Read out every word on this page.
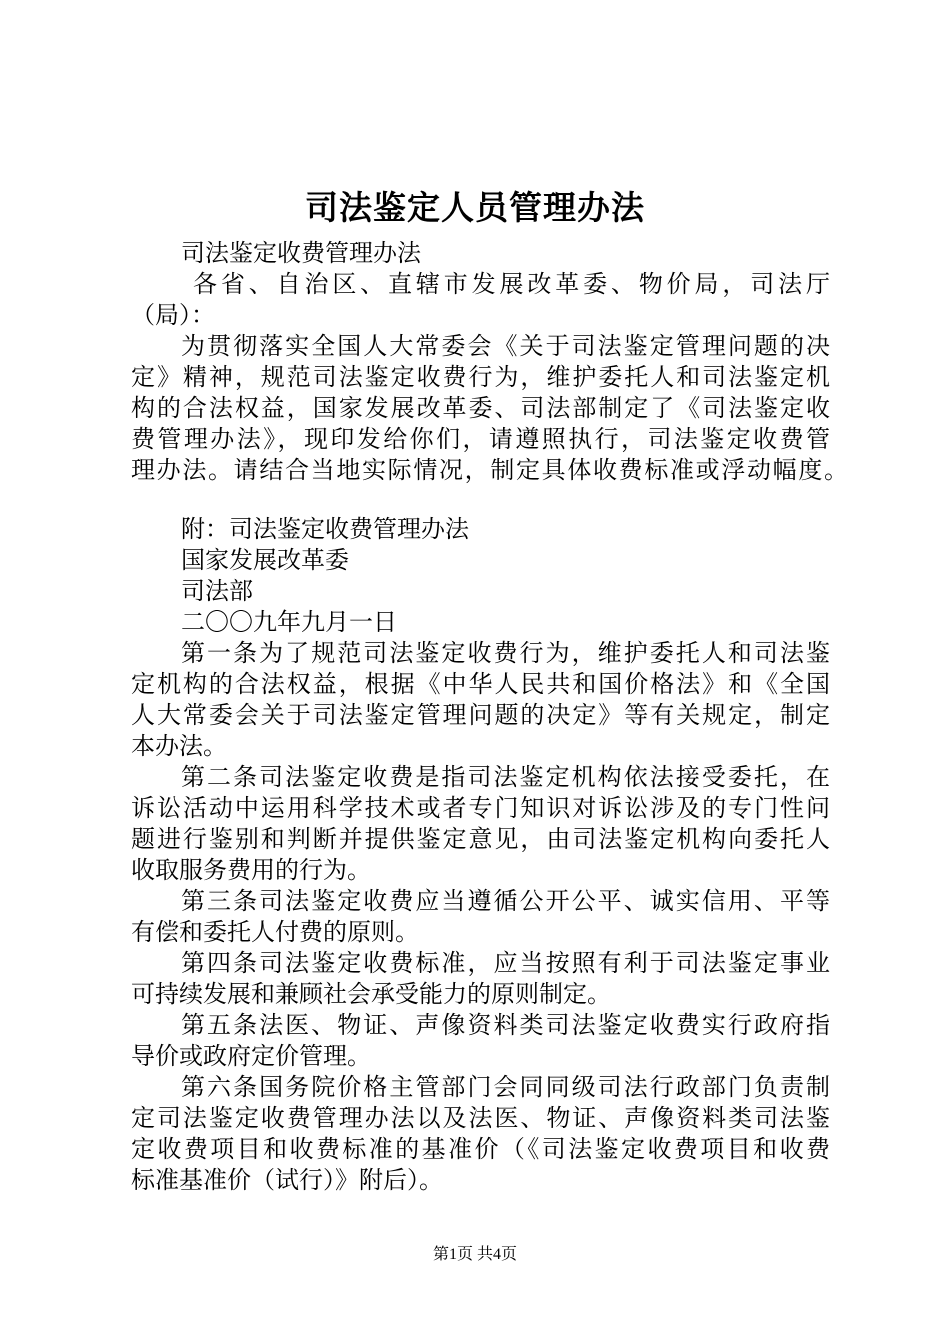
司法鉴定人员管理办法
司法鉴定收费管理办法
各省、自治区、直辖市发展改革委、物价局，司法厅
（局）：
为贯彻落实全国人大常委会《关于司法鉴定管理问题的决
定》精神，规范司法鉴定收费行为，维护委托人和司法鉴定机
构的合法权益，国家发展改革委、司法部制定了《司法鉴定收
费管理办法》，现印发给你们，请遵照执行，司法鉴定收费管
理办法。请结合当地实际情况，制定具体收费标准或浮动幅度。
附：司法鉴定收费管理办法
国家发展改革委
司法部
二〇〇九年九月一日
第一条为了规范司法鉴定收费行为，维护委托人和司法鉴
定机构的合法权益，根据《中华人民共和国价格法》和《全国
人大常委会关于司法鉴定管理问题的决定》等有关规定，制定
本办法。
第二条司法鉴定收费是指司法鉴定机构依法接受委托，在
诉讼活动中运用科学技术或者专门知识对诉讼涉及的专门性问
题进行鉴别和判断并提供鉴定意见，由司法鉴定机构向委托人
收取服务费用的行为。
第三条司法鉴定收费应当遵循公开公平、诚实信用、平等
有偿和委托人付费的原则。
第四条司法鉴定收费标准，应当按照有利于司法鉴定事业
可持续发展和兼顾社会承受能力的原则制定。
第五条法医、物证、声像资料类司法鉴定收费实行政府指
导价或政府定价管理。
第六条国务院价格主管部门会同同级司法行政部门负责制
定司法鉴定收费管理办法以及法医、物证、声像资料类司法鉴
定收费项目和收费标准的基准价（《司法鉴定收费项目和收费
标准基准价（试行）》附后）。
第1页 共4页
